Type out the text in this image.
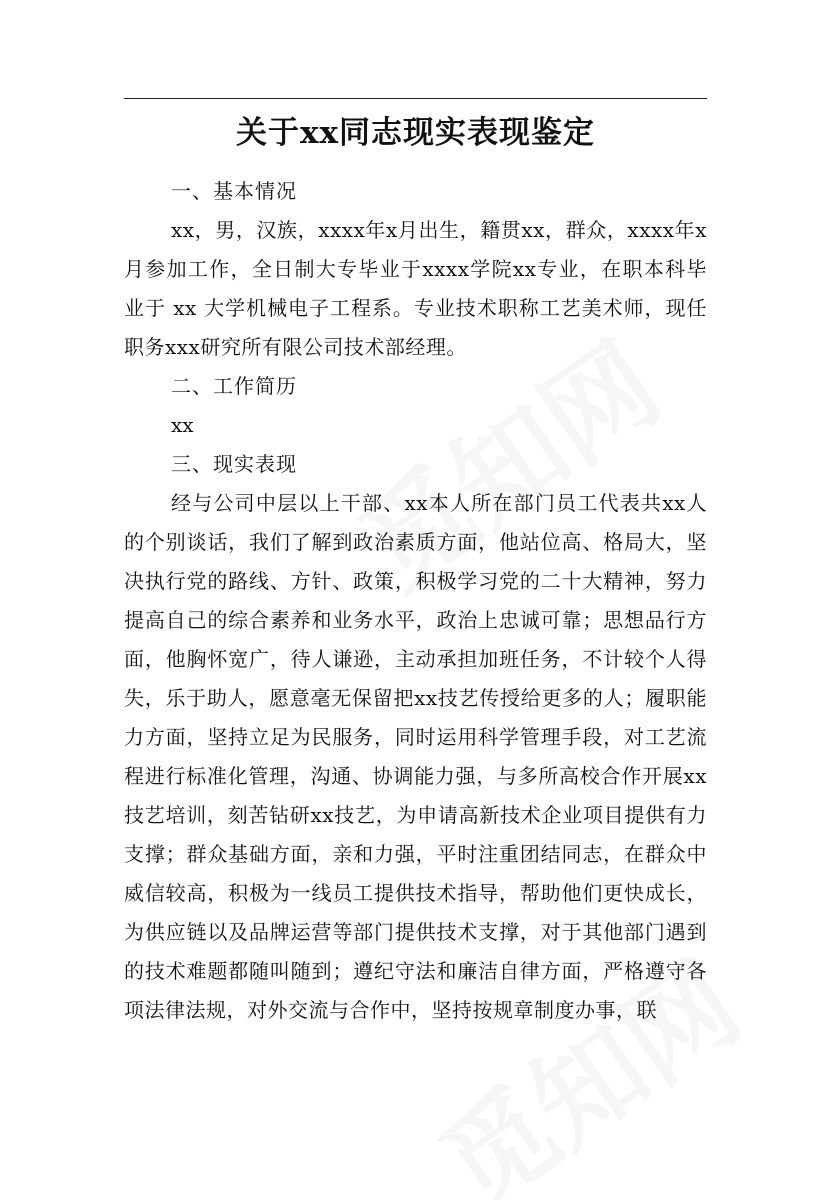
关于xx同志现实表现鉴定

一、基本情况

xx，男，汉族，xxxx年x月出生，籍贯xx，群众，xxxx年x月参加工作，全日制大专毕业于xxxx学院xx专业，在职本科毕业于 xx 大学机械电子工程系。专业技术职称工艺美术师，现任职务xxx研究所有限公司技术部经理。

二、工作简历

xx

三、现实表现

经与公司中层以上干部、xx本人所在部门员工代表共xx人的个别谈话，我们了解到政治素质方面，他站位高、格局大，坚决执行党的路线、方针、政策，积极学习党的二十大精神，努力提高自己的综合素养和业务水平，政治上忠诚可靠；思想品行方面，他胸怀宽广，待人谦逊，主动承担加班任务，不计较个人得失，乐于助人，愿意毫无保留把xx技艺传授给更多的人；履职能力方面，坚持立足为民服务，同时运用科学管理手段，对工艺流程进行标准化管理，沟通、协调能力强，与多所高校合作开展xx技艺培训，刻苦钻研xx技艺，为申请高新技术企业项目提供有力支撑；群众基础方面，亲和力强，平时注重团结同志，在群众中威信较高，积极为一线员工提供技术指导，帮助他们更快成长，为供应链以及品牌运营等部门提供技术支撑，对于其他部门遇到的技术难题都随叫随到；遵纪守法和廉洁自律方面，严格遵守各项法律法规，对外交流与合作中，坚持按规章制度办事，联
